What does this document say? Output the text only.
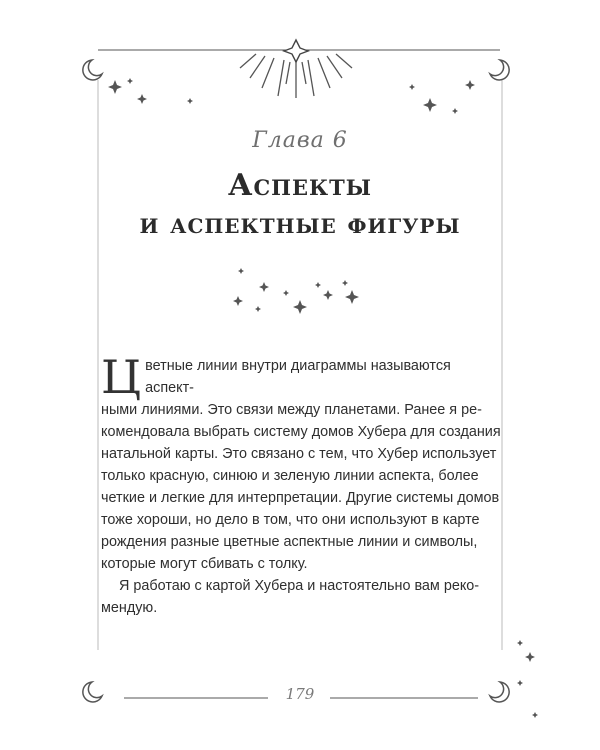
Глава 6
Аспекты
и аспектные фигуры

Цветные линии внутри диаграммы называются аспект-
ными линиями. Это связи между планетами. Ранее я ре-
комендовала выбрать систему домов Хубера для создания
натальной карты. Это связано с тем, что Хубер использует
только красную, синюю и зеленую линии аспекта, более
четкие и легкие для интерпретации. Другие системы домов
тоже хороши, но дело в том, что они используют в карте
рождения разные цветные аспектные линии и символы,
которые могут сбивать с толку.

Я работаю с картой Хубера и настоятельно вам реко-
мендую.

179
